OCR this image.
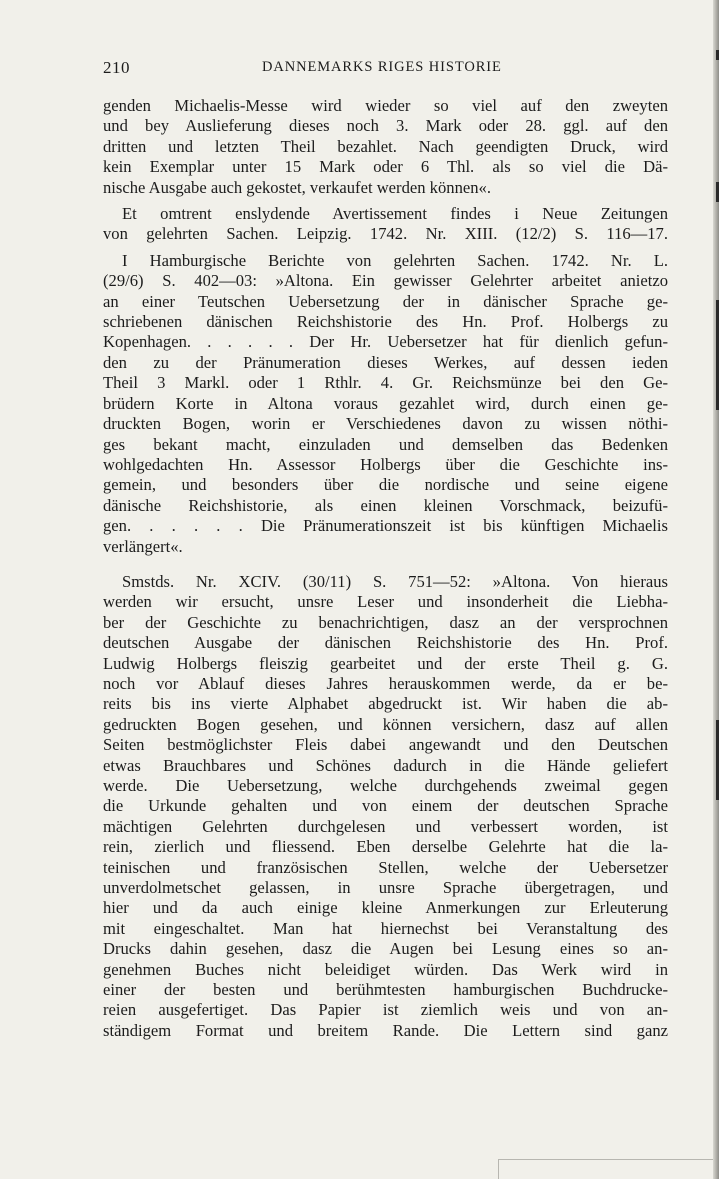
210	DANNEMARKS RIGES HISTORIE
genden Michaelis-Messe wird wieder so viel auf den zweyten
und bey Auslieferung dieses noch 3. Mark oder 28. ggl. auf den
dritten und letzten Theil bezahlet. Nach geendigten Druck, wird
kein Exemplar unter 15 Mark oder 6 Thl. als so viel die Dä-
nische Ausgabe auch gekostet, verkaufet werden können«.
Et omtrent enslydende Avertissement findes i Neue Zeitungen
von gelehrten Sachen. Leipzig. 1742. Nr. XIII. (12/2) S. 116—17.
I Hamburgische Berichte von gelehrten Sachen. 1742. Nr. L.
(29/6) S. 402—03: »Altona. Ein gewisser Gelehrter arbeitet anietzo
an einer Teutschen Uebersetzung der in dänischer Sprache ge-
schriebenen dänischen Reichshistorie des Hn. Prof. Holbergs zu
Kopenhagen. . . . . . Der Hr. Uebersetzer hat für dienlich gefun-
den zu der Pränumeration dieses Werkes, auf dessen ieden
Theil 3 Markl. oder 1 Rthlr. 4. Gr. Reichsmünze bei den Ge-
brüdern Korte in Altona voraus gezahlet wird, durch einen ge-
druckten Bogen, worin er Verschiedenes davon zu wissen nöthi-
ges bekant macht, einzuladen und demselben das Bedenken
wohlgedachten Hn. Assessor Holbergs über die Geschichte ins-
gemein, und besonders über die nordische und seine eigene
dänische Reichshistorie, als einen kleinen Vorschmack, beizufü-
gen. . . . . . Die Pränumerationszeit ist bis künftigen Michaelis
verlängert«.
Smstds. Nr. XCIV. (30/11) S. 751—52: »Altona. Von hieraus
werden wir ersucht, unsre Leser und insonderheit die Liebha-
ber der Geschichte zu benachrichtigen, dasz an der versprochnen
deutschen Ausgabe der dänischen Reichshistorie des Hn. Prof.
Ludwig Holbergs fleiszig gearbeitet und der erste Theil g. G.
noch vor Ablauf dieses Jahres herauskommen werde, da er be-
reits bis ins vierte Alphabet abgedruckt ist. Wir haben die ab-
gedruckten Bogen gesehen, und können versichern, dasz auf allen
Seiten bestmöglichster Fleis dabei angewandt und den Deutschen
etwas Brauchbares und Schönes dadurch in die Hände geliefert
werde. Die Uebersetzung, welche durchgehends zweimal gegen
die Urkunde gehalten und von einem der deutschen Sprache
mächtigen Gelehrten durchgelesen und verbessert worden, ist
rein, zierlich und fliessend. Eben derselbe Gelehrte hat die la-
teinischen und französischen Stellen, welche der Uebersetzer
unverdolmetschet gelassen, in unsre Sprache übergetragen, und
hier und da auch einige kleine Anmerkungen zur Erleuterung
mit eingeschaltet. Man hat hiernechst bei Veranstaltung des
Drucks dahin gesehen, dasz die Augen bei Lesung eines so an-
genehmen Buches nicht beleidiget würden. Das Werk wird in
einer der besten und berühmtesten hamburgischen Buchdrucke-
reien ausgefertiget. Das Papier ist ziemlich weis und von an-
ständigem Format und breitem Rande. Die Lettern sind ganz
